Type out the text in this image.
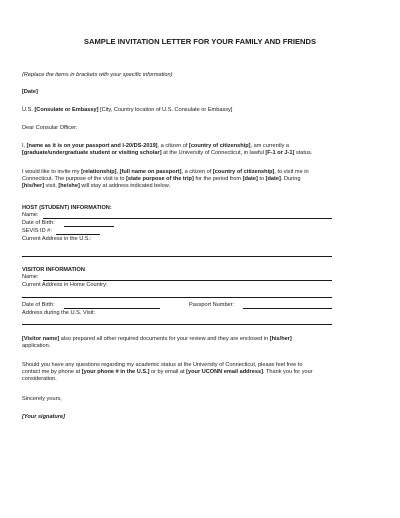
SAMPLE INVITATION LETTER FOR YOUR FAMILY AND FRIENDS
(Replace the items in brackets with your specific information)
[Date]
U.S. [Consulate or Embassy] [City, Country location of U.S. Consulate or Embassy]
Dear Consular Officer:
I, [name as it is on your passport and I-20/DS-2019], a citizen of [country of citizenship], am currently a
[graduate/undergraduate student or visiting scholar] at the University of Connecticut, in lawful [F-1 or J-1] status.
I would like to invite my [relationship], [full name on passport], a citizen of [country of citizenship], to visit me in
Connecticut. The purpose of the visit is to [state purpose of the trip] for the period from [date] to [date]. During
[his/her] visit, [he/she] will stay at address indicated below.
HOST (STUDENT) INFORMATION:
Name:
Date of Birth:
SEVIS ID #:
Current Address in the U.S.:
VISITOR INFORMATION
Name:
Current Address in Home Country:
Date of Birth:	Passport Number:
Address during the U.S. Visit:
[Visitor name] also prepared all other required documents for your review and they are enclosed in [his/her]
application.
Should you have any questions regarding my academic status at the University of Connecticut, please feel free to
contact me by phone at [your phone # in the U.S.] or by email at [your UCONN email address]. Thank you for your
consideration.
Sincerely yours,
[Your signature]
